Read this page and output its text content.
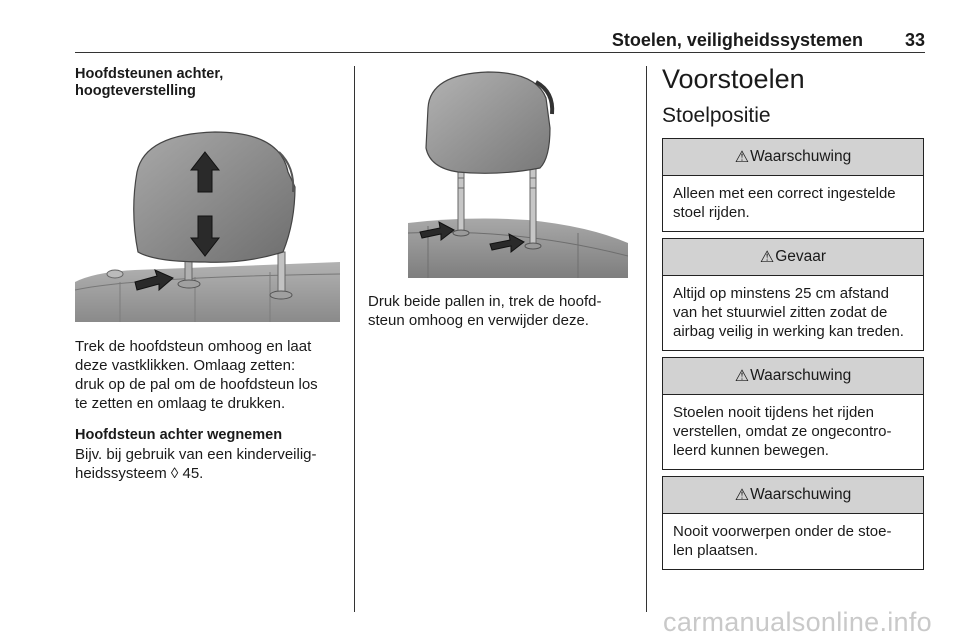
Stoelen, veiligheidssystemen 33
Hoofdsteunen achter,
hoogteverstelling
Trek de hoofdsteun omhoog en laat
deze vastklikken. Omlaag zetten:
druk op de pal om de hoofdsteun los
te zetten en omlaag te drukken.
Hoofdsteun achter wegnemen
Bijv. bij gebruik van een kinderveilig-
heidssysteem ◊ 45.
Druk beide pallen in, trek de hoofd-
steun omhoog en verwijder deze.
Voorstoelen
Stoelpositie
⚠ Waarschuwing
Alleen met een correct ingestelde
stoel rijden.
⚠ Gevaar
Altijd op minstens 25 cm afstand
van het stuurwiel zitten zodat de
airbag veilig in werking kan treden.
⚠ Waarschuwing
Stoelen nooit tijdens het rijden
verstellen, omdat ze ongecontro-
leerd kunnen bewegen.
⚠ Waarschuwing
Nooit voorwerpen onder de stoe-
len plaatsen.
carmanualsonline.info
